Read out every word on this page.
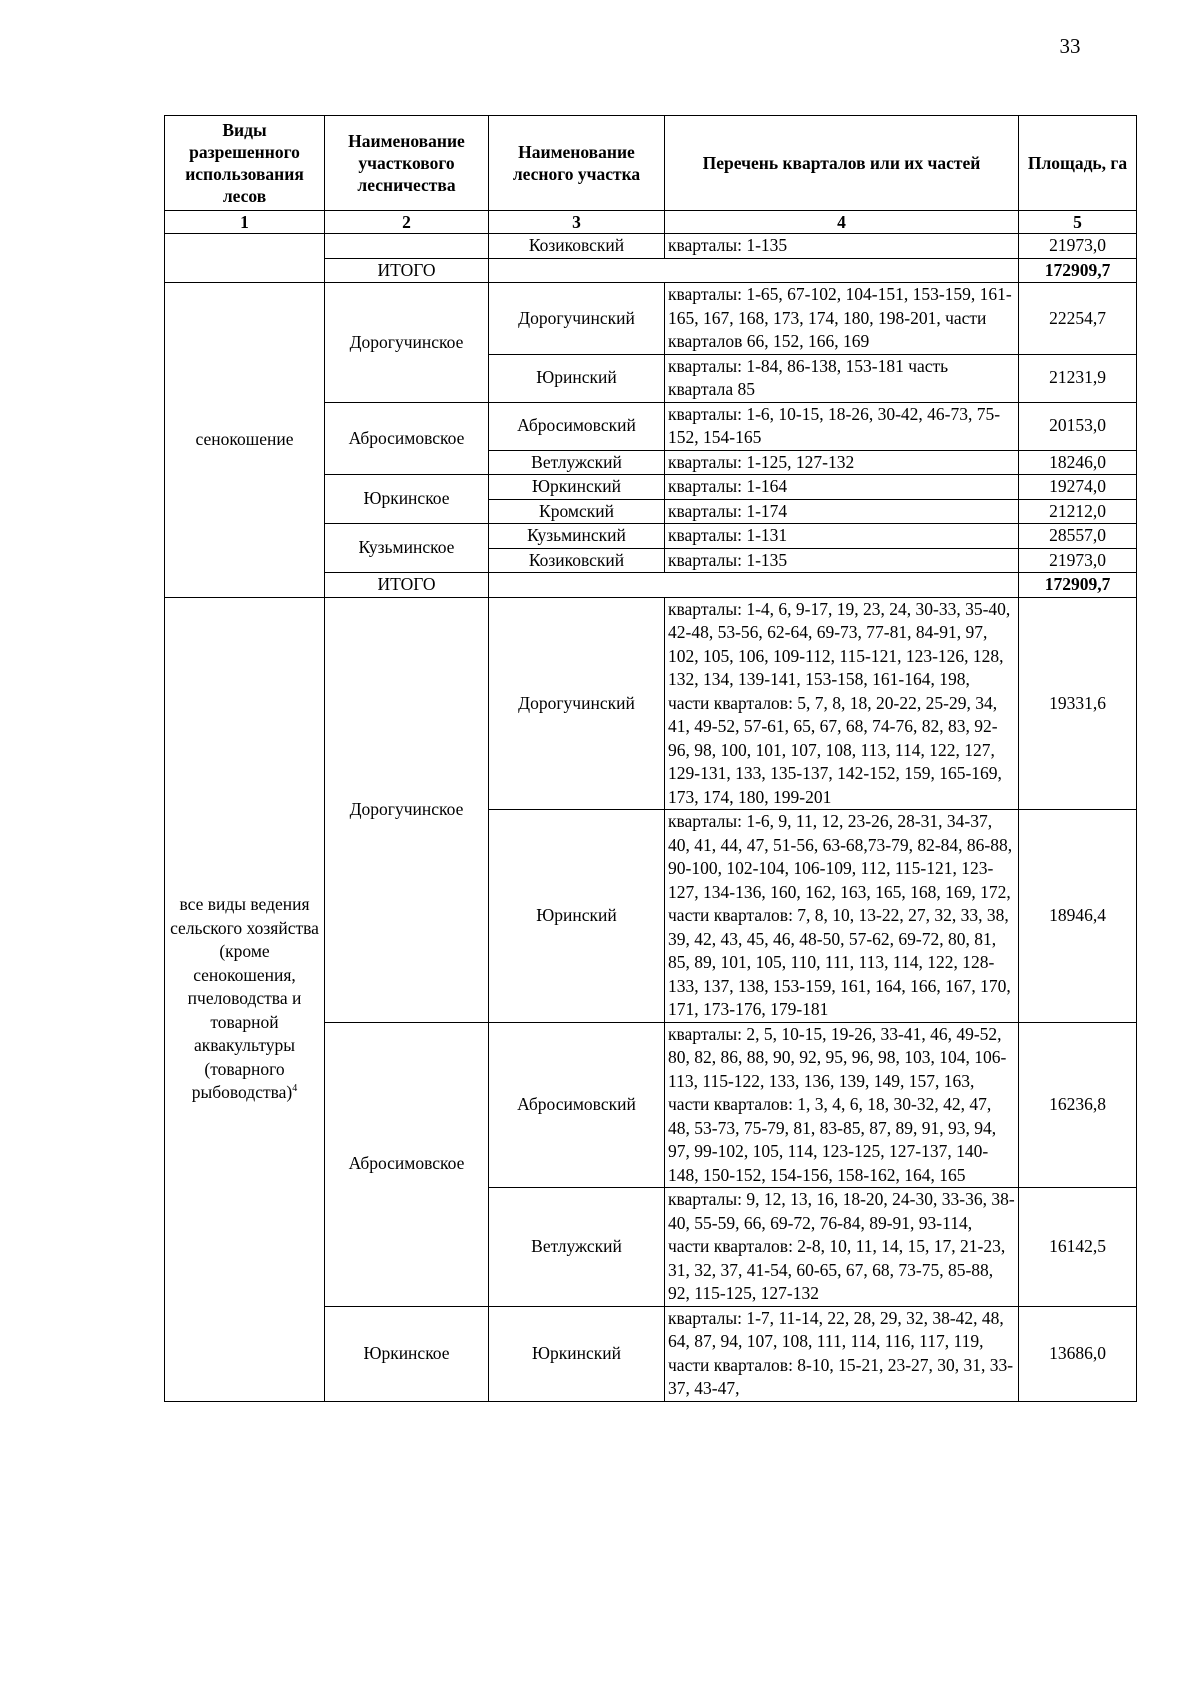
33
Виды разрешенного использования лесов	Наименование участкового лесничества	Наименование лесного участка	Перечень кварталов или их частей	Площадь, га
1	2	3	4	5
		Козиковский	кварталы: 1-135	21973,0
	ИТОГО			172909,7
сенокошение	Дорогучинское	Дорогучинский	кварталы: 1-65, 67-102, 104-151, 153-159, 161-165, 167, 168, 173, 174, 180, 198-201, части кварталов 66, 152, 166, 169	22254,7
		Юринский	кварталы: 1-84, 86-138, 153-181 часть квартала 85	21231,9
	Абросимовское	Абросимовский	кварталы: 1-6, 10-15, 18-26, 30-42, 46-73, 75-152, 154-165	20153,0
		Ветлужский	кварталы: 1-125, 127-132	18246,0
	Юркинское	Юркинский	кварталы: 1-164	19274,0
		Кромский	кварталы: 1-174	21212,0
	Кузьминское	Кузьминский	кварталы: 1-131	28557,0
		Козиковский	кварталы: 1-135	21973,0
	ИТОГО			172909,7
все виды ведения сельского хозяйства (кроме сенокошения, пчеловодства и товарной аквакультуры (товарного рыбоводства)$^4$	Дорогучинское	Дорогучинский	кварталы: 1-4, 6, 9-17, 19, 23, 24, 30-33, 35-40, 42-48, 53-56, 62-64, 69-73, 77-81, 84-91, 97, 102, 105, 106, 109-112, 115-121, 123-126, 128, 132, 134, 139-141, 153-158, 161-164, 198, части кварталов: 5, 7, 8, 18, 20-22, 25-29, 34, 41, 49-52, 57-61, 65, 67, 68, 74-76, 82, 83, 92-96, 98, 100, 101, 107, 108, 113, 114, 122, 127, 129-131, 133, 135-137, 142-152, 159, 165-169, 173, 174, 180, 199-201	19331,6
		Юринский	кварталы: 1-6, 9, 11, 12, 23-26, 28-31, 34-37, 40, 41, 44, 47, 51-56, 63-68,73-79, 82-84, 86-88, 90-100, 102-104, 106-109, 112, 115-121, 123-127, 134-136, 160, 162, 163, 165, 168, 169, 172, части кварталов: 7, 8, 10, 13-22, 27, 32, 33, 38, 39, 42, 43, 45, 46, 48-50, 57-62, 69-72, 80, 81, 85, 89, 101, 105, 110, 111, 113, 114, 122, 128-133, 137, 138, 153-159, 161, 164, 166, 167, 170, 171, 173-176, 179-181	18946,4
	Абросимовское	Абросимовский	кварталы: 2, 5, 10-15, 19-26, 33-41, 46, 49-52, 80, 82, 86, 88, 90, 92, 95, 96, 98, 103, 104, 106-113, 115-122, 133, 136, 139, 149, 157, 163, части кварталов: 1, 3, 4, 6, 18, 30-32, 42, 47, 48, 53-73, 75-79, 81, 83-85, 87, 89, 91, 93, 94, 97, 99-102, 105, 114, 123-125, 127-137, 140-148, 150-152, 154-156, 158-162, 164, 165	16236,8
		Ветлужский	кварталы: 9, 12, 13, 16, 18-20, 24-30, 33-36, 38-40, 55-59, 66, 69-72, 76-84, 89-91, 93-114, части кварталов: 2-8, 10, 11, 14, 15, 17, 21-23, 31, 32, 37, 41-54, 60-65, 67, 68, 73-75, 85-88, 92, 115-125, 127-132	16142,5
	Юркинское	Юркинский	кварталы: 1-7, 11-14, 22, 28, 29, 32, 38-42, 48, 64, 87, 94, 107, 108, 111, 114, 116, 117, 119, части кварталов: 8-10, 15-21, 23-27, 30, 31, 33-37, 43-47,	13686,0
